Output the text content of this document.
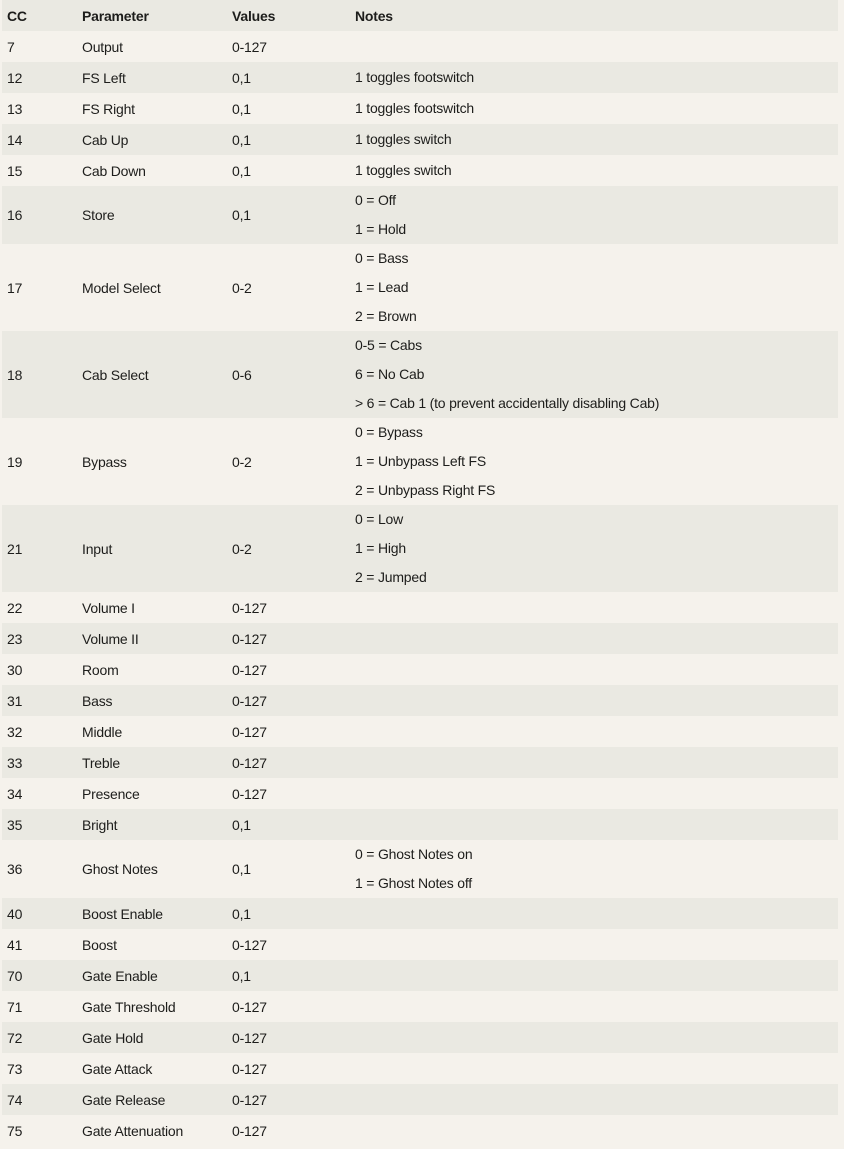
CC	Parameter	Values	Notes
7	Output	0-127	
12	FS Left	0,1	1 toggles footswitch

13	FS Right	0,1	1 toggles footswitch

14	Cab Up	0,1	1 toggles switch

15	Cab Down	0,1	1 toggles switch

16	Store	0,1	0 = Off
1 = Hold

17	Model Select	0-2	0 = Bass
1 = Lead
2 = Brown

18	Cab Select	0-6	0-5 = Cabs
6 = No Cab
> 6 = Cab 1 (to prevent accidentally disabling Cab)

19	Bypass	0-2	0 = Bypass
1 = Unbypass Left FS
2 = Unbypass Right FS

21	Input	0-2	0 = Low
1 = High
2 = Jumped

22	Volume I	0-127	
23	Volume II	0-127	
30	Room	0-127	
31	Bass	0-127	
32	Middle	0-127	
33	Treble	0-127	
34	Presence	0-127	
35	Bright	0,1	
36	Ghost Notes	0,1	0 = Ghost Notes on
1 = Ghost Notes off

40	Boost Enable	0,1	
41	Boost	0-127	
70	Gate Enable	0,1	
71	Gate Threshold	0-127	
72	Gate Hold	0-127	
73	Gate Attack	0-127	
74	Gate Release	0-127	
75	Gate Attenuation	0-127	
